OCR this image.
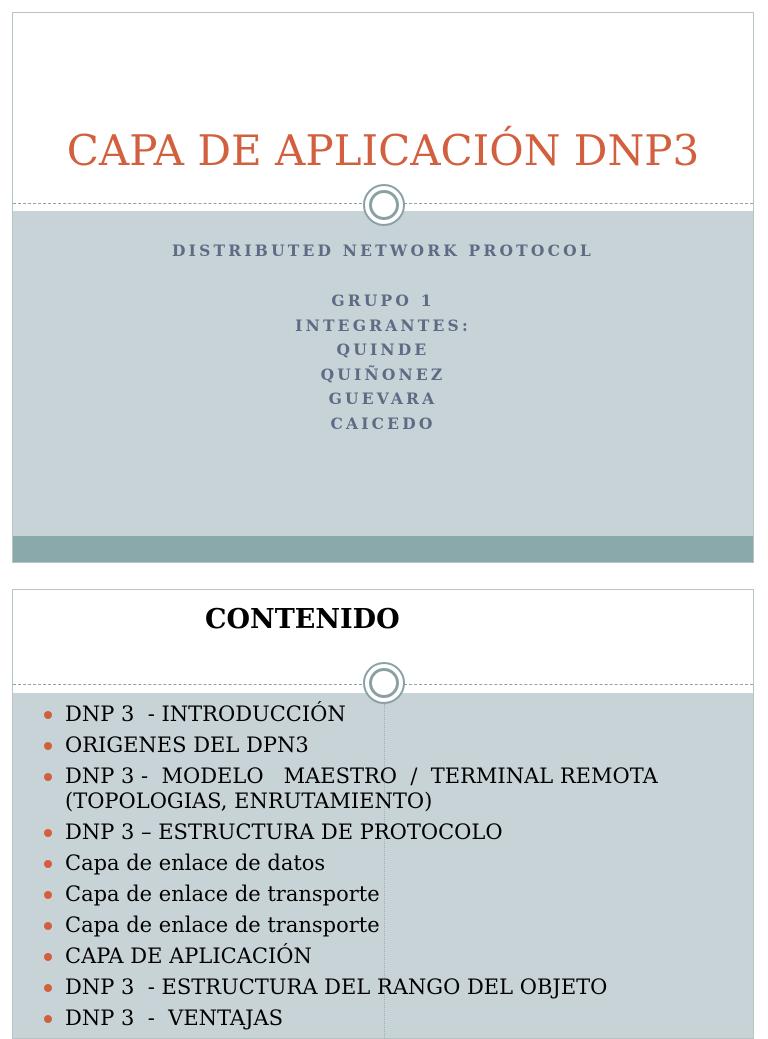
CAPA DE APLICACIÓN DNP3
DISTRIBUTED NETWORK PROTOCOL
GRUPO 1
INTEGRANTES:
QUINDE
QUIÑONEZ
GUEVARA
CAICEDO
CONTENIDO
DNP 3  - INTRODUCCIÓN
ORIGENES DEL DPN3
DNP 3 -  MODELO   MAESTRO  /  TERMINAL REMOTA (TOPOLOGIAS, ENRUTAMIENTO)
DNP 3 – ESTRUCTURA DE PROTOCOLO
Capa de enlace de datos
Capa de enlace de transporte
Capa de enlace de transporte
CAPA DE APLICACIÓN
DNP 3  - ESTRUCTURA DEL RANGO DEL OBJETO
DNP 3  -  VENTAJAS
